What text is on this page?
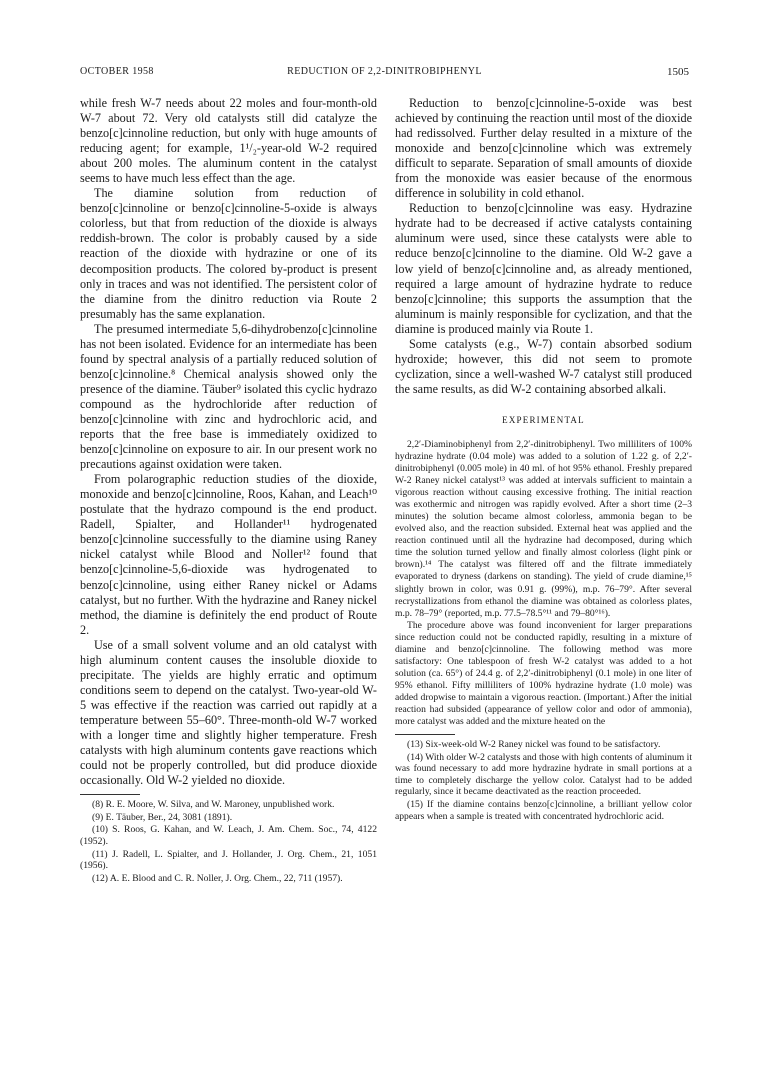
OCTOBER 1958	REDUCTION OF 2,2-DINITROBIPHENYL	1505

while fresh W-7 needs about 22 moles and four-month-old W-7 about 72. Very old catalysts still did catalyze the benzo[c]cinnoline reduction, but only with huge amounts of reducing agent; for example, 1¹/₂-year-old W-2 required about 200 moles. The aluminum content in the catalyst seems to have much less effect than the age.

The diamine solution from reduction of benzo[c]cinnoline or benzo[c]cinnoline-5-oxide is always colorless, but that from reduction of the dioxide is always reddish-brown. The color is probably caused by a side reaction of the dioxide with hydrazine or one of its decomposition products. The colored by-product is present only in traces and was not identified. The persistent color of the diamine from the dinitro reduction via Route 2 presumably has the same explanation.

The presumed intermediate 5,6-dihydrobenzo[c]cinnoline has not been isolated. Evidence for an intermediate has been found by spectral analysis of a partially reduced solution of benzo[c]cinnoline.⁸ Chemical analysis showed only the presence of the diamine. Täuber⁹ isolated this cyclic hydrazo compound as the hydrochloride after reduction of benzo[c]cinnoline with zinc and hydrochloric acid, and reports that the free base is immediately oxidized to benzo[c]cinnoline on exposure to air. In our present work no precautions against oxidation were taken.

From polarographic reduction studies of the dioxide, monoxide and benzo[c]cinnoline, Roos, Kahan, and Leach¹⁰ postulate that the hydrazo compound is the end product. Radell, Spialter, and Hollander¹¹ hydrogenated benzo[c]cinnoline successfully to the diamine using Raney nickel catalyst while Blood and Noller¹² found that benzo[c]cinnoline-5,6-dioxide was hydrogenated to benzo[c]cinnoline, using either Raney nickel or Adams catalyst, but no further. With the hydrazine and Raney nickel method, the diamine is definitely the end product of Route 2.

Use of a small solvent volume and an old catalyst with high aluminum content causes the insoluble dioxide to precipitate. The yields are highly erratic and optimum conditions seem to depend on the catalyst. Two-year-old W-5 was effective if the reaction was carried out rapidly at a temperature between 55–60°. Three-month-old W-7 worked with a longer time and slightly higher temperature. Fresh catalysts with high aluminum contents gave reactions which could not be properly controlled, but did produce dioxide occasionally. Old W-2 yielded no dioxide.

(8) R. E. Moore, W. Silva, and W. Maroney, unpublished work.

(9) E. Täuber, Ber., 24, 3081 (1891).

(10) S. Roos, G. Kahan, and W. Leach, J. Am. Chem. Soc., 74, 4122 (1952).

(11) J. Radell, L. Spialter, and J. Hollander, J. Org. Chem., 21, 1051 (1956).

(12) A. E. Blood and C. R. Noller, J. Org. Chem., 22, 711 (1957).

Reduction to benzo[c]cinnoline-5-oxide was best achieved by continuing the reaction until most of the dioxide had redissolved. Further delay resulted in a mixture of the monoxide and benzo[c]cinnoline which was extremely difficult to separate. Separation of small amounts of dioxide from the monoxide was easier because of the enormous difference in solubility in cold ethanol.

Reduction to benzo[c]cinnoline was easy. Hydrazine hydrate had to be decreased if active catalysts containing aluminum were used, since these catalysts were able to reduce benzo[c]cinnoline to the diamine. Old W-2 gave a low yield of benzo[c]cinnoline and, as already mentioned, required a large amount of hydrazine hydrate to reduce benzo[c]cinnoline; this supports the assumption that the aluminum is mainly responsible for cyclization, and that the diamine is produced mainly via Route 1.

Some catalysts (e.g., W-7) contain absorbed sodium hydroxide; however, this did not seem to promote cyclization, since a well-washed W-7 catalyst still produced the same results, as did W-2 containing absorbed alkali.

EXPERIMENTAL

2,2′-Diaminobiphenyl from 2,2′-dinitrobiphenyl. Two milliliters of 100% hydrazine hydrate (0.04 mole) was added to a solution of 1.22 g. of 2,2′-dinitrobiphenyl (0.005 mole) in 40 ml. of hot 95% ethanol. Freshly prepared W-2 Raney nickel catalyst¹³ was added at intervals sufficient to maintain a vigorous reaction without causing excessive frothing. The initial reaction was exothermic and nitrogen was rapidly evolved. After a short time (2–3 minutes) the solution became almost colorless, ammonia began to be evolved also, and the reaction subsided. External heat was applied and the reaction continued until all the hydrazine had decomposed, during which time the solution turned yellow and finally almost colorless (light pink or brown).¹⁴ The catalyst was filtered off and the filtrate immediately evaporated to dryness (darkens on standing). The yield of crude diamine,¹⁵ slightly brown in color, was 0.91 g. (99%), m.p. 76–79°. After several recrystallizations from ethanol the diamine was obtained as colorless plates, m.p. 78–79° (reported, m.p. 77.5–78.5°¹¹ and 79–80°¹⁶).

The procedure above was found inconvenient for larger preparations since reduction could not be conducted rapidly, resulting in a mixture of diamine and benzo[c]cinnoline. The following method was more satisfactory: One tablespoon of fresh W-2 catalyst was added to a hot solution (ca. 65°) of 24.4 g. of 2,2′-dinitrobiphenyl (0.1 mole) in one liter of 95% ethanol. Fifty milliliters of 100% hydrazine hydrate (1.0 mole) was added dropwise to maintain a vigorous reaction. (Important.) After the initial reaction had subsided (appearance of yellow color and odor of ammonia), more catalyst was added and the mixture heated on the

(13) Six-week-old W-2 Raney nickel was found to be satisfactory.

(14) With older W-2 catalysts and those with high contents of aluminum it was found necessary to add more hydrazine hydrate in small portions at a time to completely discharge the yellow color. Catalyst had to be added regularly, since it became deactivated as the reaction proceeded.

(15) If the diamine contains benzo[c]cinnoline, a brilliant yellow color appears when a sample is treated with concentrated hydrochloric acid.
